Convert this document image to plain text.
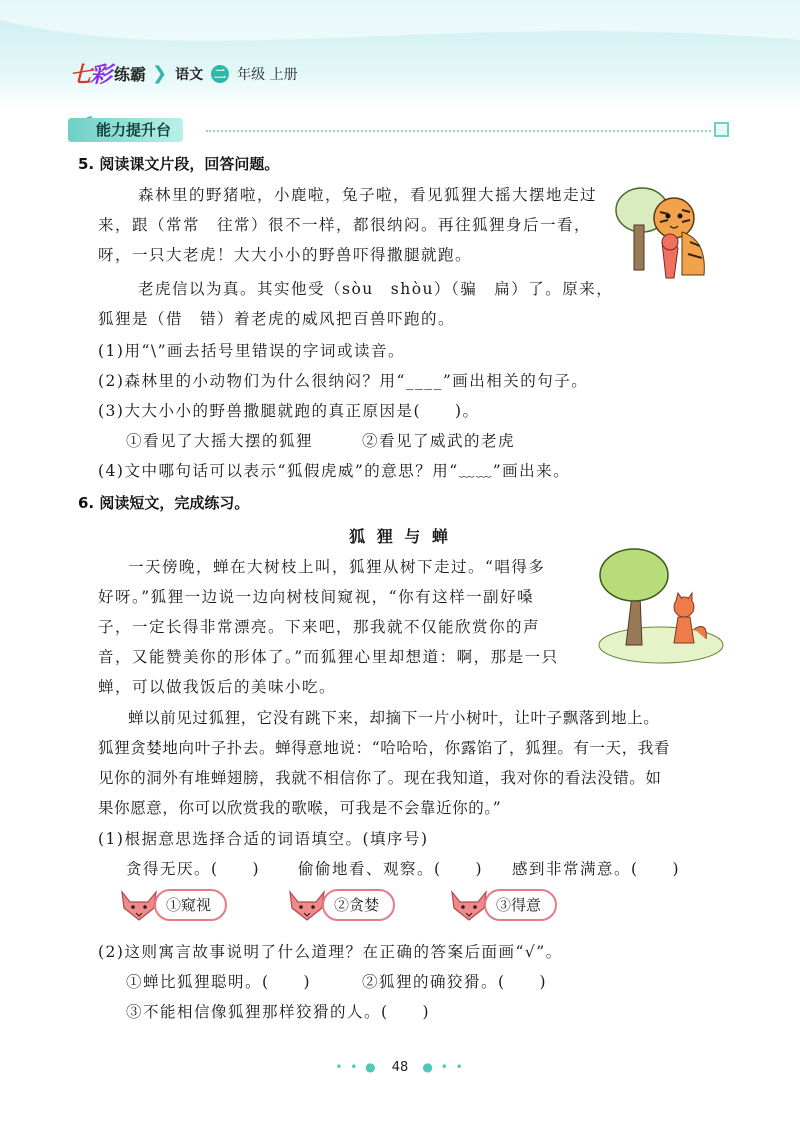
七彩 练霸 ❯ 语文 二 年级 上册
能力提升台
5. 阅读课文片段，回答问题。
森林里的野猪啦，小鹿啦，兔子啦，看见狐狸大摇大摆地走过
来，跟（常常　往常）很不一样，都很纳闷。再往狐狸身后一看，
呀，一只大老虎！大大小小的野兽吓得撒腿就跑。
老虎信以为真。其实他受（sòu　shòu）（骗　扁）了。原来，
狐狸是（借　错）着老虎的威风把百兽吓跑的。
(1)用“\”画去括号里错误的字词或读音。
(2)森林里的小动物们为什么很纳闷？用“____”画出相关的句子。
(3)大大小小的野兽撒腿就跑的真正原因是(　　)。
①看见了大摇大摆的狐狸	②看见了威武的老虎
(4)文中哪句话可以表示“狐假虎威”的意思？用“﹏﹏”画出来。
6. 阅读短文，完成练习。
狐 狸 与 蝉
一天傍晚，蝉在大树枝上叫，狐狸从树下走过。“唱得多
好呀。”狐狸一边说一边向树枝间窥视，“你有这样一副好嗓
子，一定长得非常漂亮。下来吧，那我就不仅能欣赏你的声
音，又能赞美你的形体了。”而狐狸心里却想道：啊，那是一只
蝉，可以做我饭后的美味小吃。
蝉以前见过狐狸，它没有跳下来，却摘下一片小树叶，让叶子飘落到地上。
狐狸贪婪地向叶子扑去。蝉得意地说：“哈哈哈，你露馅了，狐狸。有一天，我看
见你的洞外有堆蝉翅膀，我就不相信你了。现在我知道，我对你的看法没错。如
果你愿意，你可以欣赏我的歌喉，可我是不会靠近你的。”
(1)根据意思选择合适的词语填空。(填序号)
贪得无厌。(　　) 偷偷地看、观察。(　　) 感到非常满意。(　　)
①窥视	②贪婪	③得意
(2)这则寓言故事说明了什么道理？在正确的答案后面画“√”。
①蝉比狐狸聪明。(　　)	②狐狸的确狡猾。(　　)
③不能相信像狐狸那样狡猾的人。(　　)
• • ● 48 ● • •
